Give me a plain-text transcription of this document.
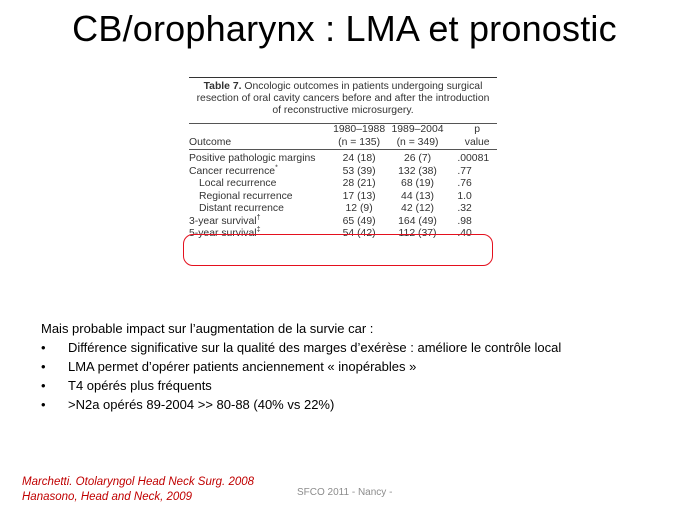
CB/oropharynx : LMA et pronostic
Table 7. Oncologic outcomes in patients undergoing surgical resection of oral cavity cancers before and after the introduction of reconstructive microsurgery.
	1980–1988	1989–2004	p
Outcome	(n = 135)	(n = 349)	value

Positive pathologic margins	24 (18)	26 (7)	.00081
Cancer recurrence*	53 (39)	132 (38)	.77
Local recurrence	28 (21)	68 (19)	.76
Regional recurrence	17 (13)	44 (13)	1.0
Distant recurrence	12 (9)	42 (12)	.32
3-year survival†	65 (49)	164 (49)	.98
5-year survival‡	54 (42)	112 (37)	.40
Mais probable impact sur l’augmentation de la survie car :
• Différence significative sur la qualité des marges d’exérèse : améliore le contrôle local
• LMA permet d’opérer patients anciennement « inopérables »
• T4 opérés plus fréquents
• >N2a opérés 89-2004 >> 80-88 (40% vs 22%)
Marchetti. Otolaryngol Head Neck Surg. 2008
Hanasono, Head and Neck, 2009	SFCO 2011 - Nancy -
